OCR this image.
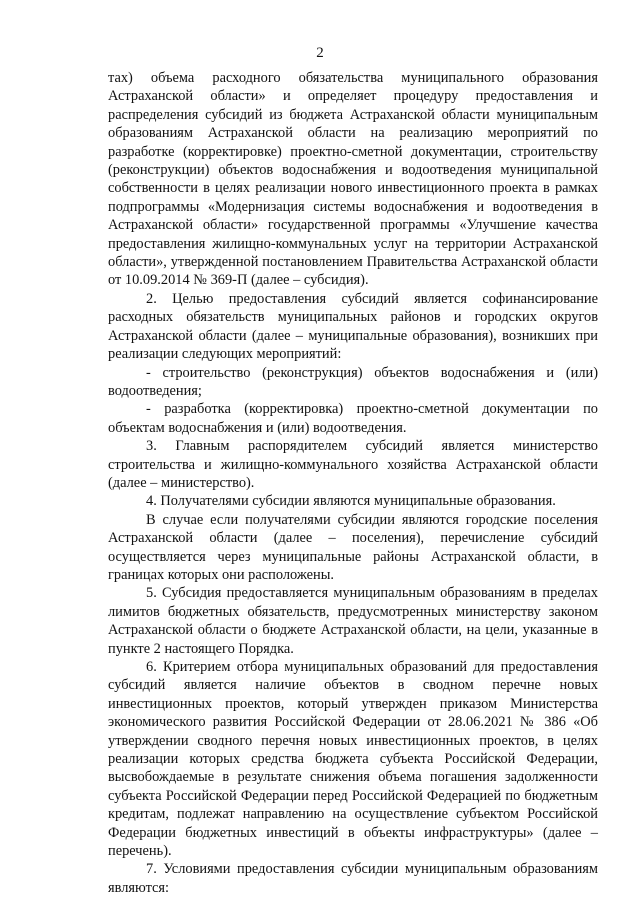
2

тах) объема расходного обязательства муниципального образования Астраханской области» и определяет процедуру предоставления и распределения субсидий из бюджета Астраханской области муниципальным образованиям Астраханской области на реализацию мероприятий по разработке (корректировке) проектно-сметной документации, строительству (реконструкции) объектов водоснабжения и водоотведения муниципальной собственности в целях реализации нового инвестиционного проекта в рамках подпрограммы «Модернизация системы водоснабжения и водоотведения в Астраханской области» государственной программы «Улучшение качества предоставления жилищно-коммунальных услуг на территории Астраханской области», утвержденной постановлением Правительства Астраханской области от 10.09.2014 № 369-П (далее – субсидия).

2. Целью предоставления субсидий является софинансирование расходных обязательств муниципальных районов и городских округов Астраханской области (далее – муниципальные образования), возникших при реализации следующих мероприятий:

- строительство (реконструкция) объектов водоснабжения и (или) водоотведения;

- разработка (корректировка) проектно-сметной документации по объектам водоснабжения и (или) водоотведения.

3. Главным распорядителем субсидий является министерство строительства и жилищно-коммунального хозяйства Астраханской области (далее – министерство).

4. Получателями субсидии являются муниципальные образования.

В случае если получателями субсидии являются городские поселения Астраханской области (далее – поселения), перечисление субсидий осуществляется через муниципальные районы Астраханской области, в границах которых они расположены.

5. Субсидия предоставляется муниципальным образованиям в пределах лимитов бюджетных обязательств, предусмотренных министерству законом Астраханской области о бюджете Астраханской области, на цели, указанные в пункте 2 настоящего Порядка.

6. Критерием отбора муниципальных образований для предоставления субсидий является наличие объектов в сводном перечне новых инвестиционных проектов, который утвержден приказом Министерства экономического развития Российской Федерации от 28.06.2021 № 386 «Об утверждении сводного перечня новых инвестиционных проектов, в целях реализации которых средства бюджета субъекта Российской Федерации, высвобождаемые в результате снижения объема погашения задолженности субъекта Российской Федерации перед Российской Федерацией по бюджетным кредитам, подлежат направлению на осуществление субъектом Российской Федерации бюджетных инвестиций в объекты инфраструктуры» (далее – перечень).

7. Условиями предоставления субсидии муниципальным образованиям являются:
